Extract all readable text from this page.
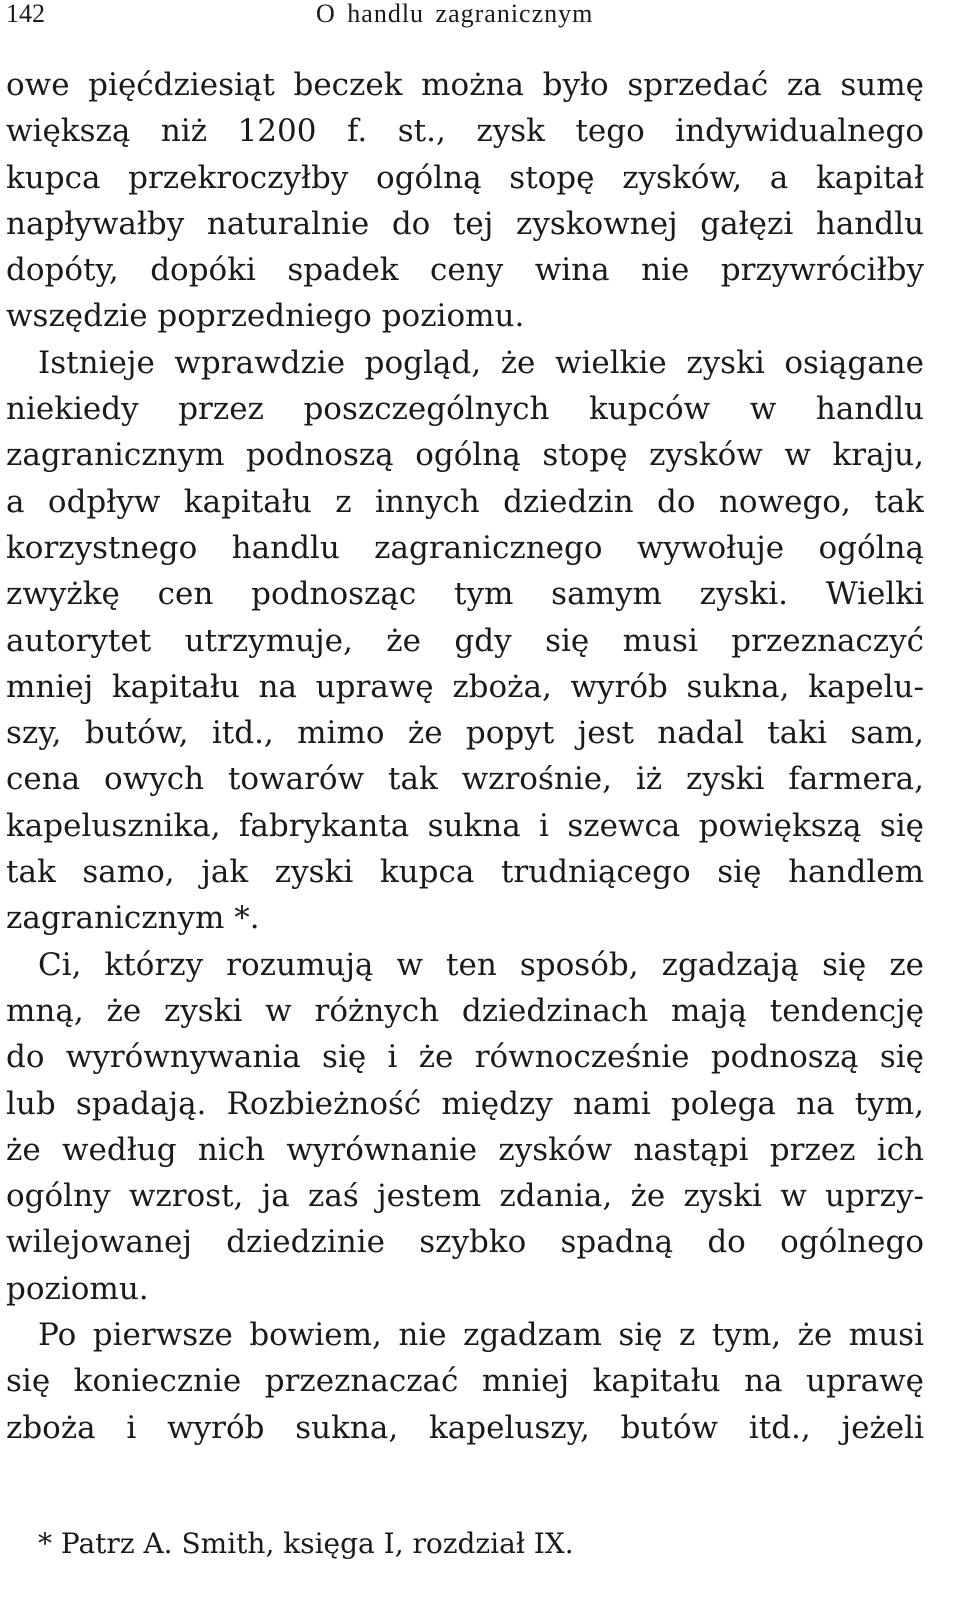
142	O handlu zagranicznym
owe pięćdziesiąt beczek można było sprzedać za sumę
większą niż 1200 f. st., zysk tego indywidualnego
kupca przekroczyłby ogólną stopę zysków, a kapitał
napływałby naturalnie do tej zyskownej gałęzi handlu
dopóty, dopóki spadek ceny wina nie przywróciłby
wszędzie poprzedniego poziomu.
Istnieje wprawdzie pogląd, że wielkie zyski osiągane
niekiedy przez poszczególnych kupców w handlu
zagranicznym podnoszą ogólną stopę zysków w kraju,
a odpływ kapitału z innych dziedzin do nowego, tak
korzystnego handlu zagranicznego wywołuje ogólną
zwyżkę cen podnosząc tym samym zyski. Wielki
autorytet utrzymuje, że gdy się musi przeznaczyć
mniej kapitału na uprawę zboża, wyrób sukna, kapelu-
szy, butów, itd., mimo że popyt jest nadal taki sam,
cena owych towarów tak wzrośnie, iż zyski farmera,
kapelusznika, fabrykanta sukna i szewca powiększą się
tak samo, jak zyski kupca trudniącego się handlem
zagranicznym *.
Ci, którzy rozumują w ten sposób, zgadzają się ze
mną, że zyski w różnych dziedzinach mają tendencję
do wyrównywania się i że równocześnie podnoszą się
lub spadają. Rozbieżność między nami polega na tym,
że według nich wyrównanie zysków nastąpi przez ich
ogólny wzrost, ja zaś jestem zdania, że zyski w uprzy-
wilejowanej dziedzinie szybko spadną do ogólnego
poziomu.
Po pierwsze bowiem, nie zgadzam się z tym, że musi
się koniecznie przeznaczać mniej kapitału na uprawę
zboża i wyrób sukna, kapeluszy, butów itd., jeżeli
* Patrz A. Smith, księga I, rozdział IX.
